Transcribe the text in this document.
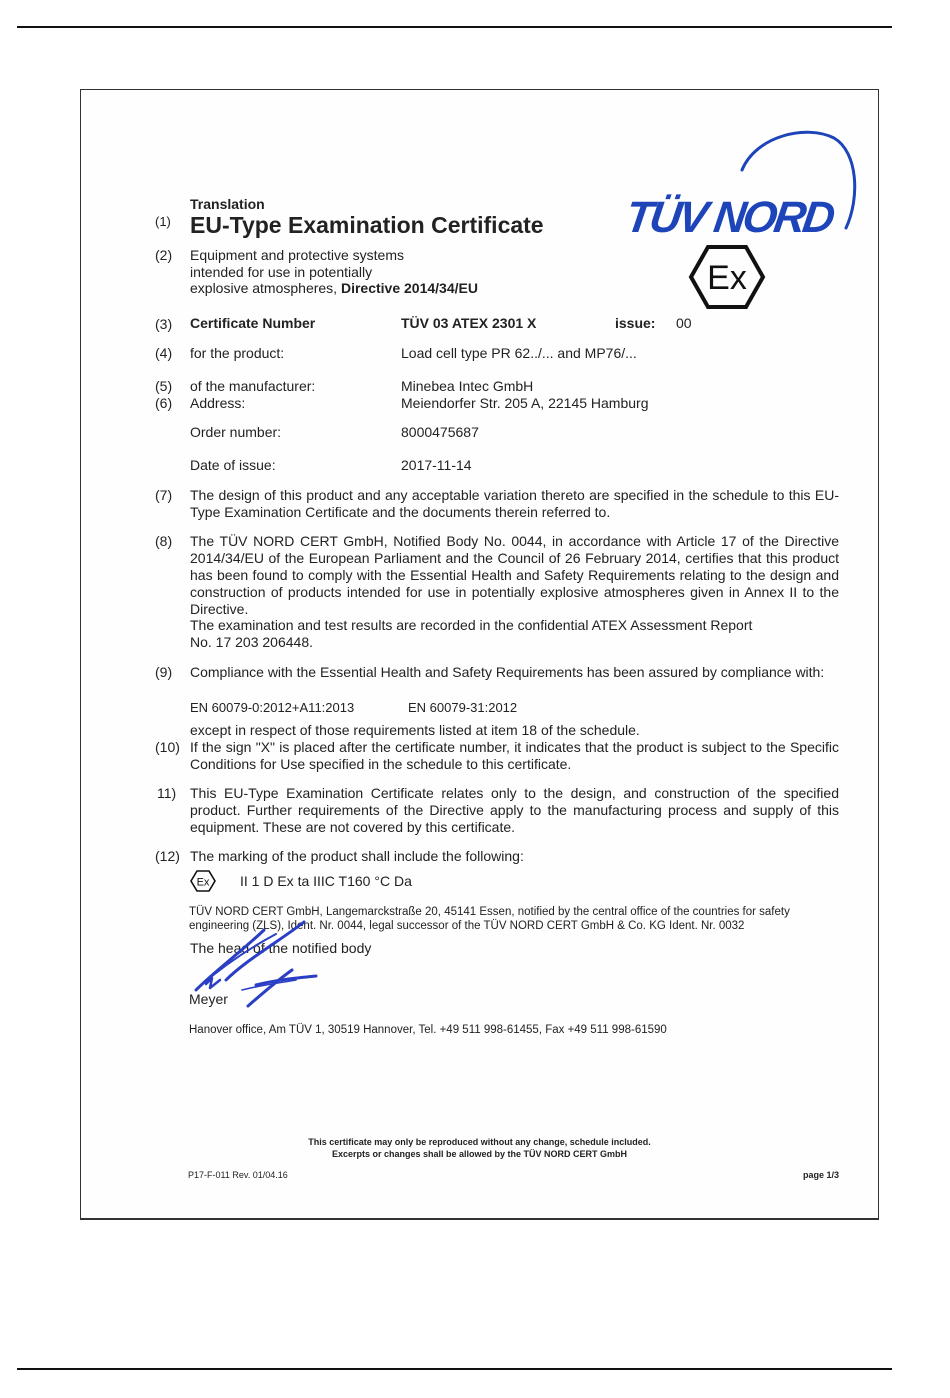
TÜV NORD
Ex
Translation
(1) EU-Type Examination Certificate
(2) Equipment and protective systems
intended for use in potentially
explosive atmospheres, Directive 2014/34/EU
(3) Certificate Number	TÜV 03 ATEX 2301 X	issue: 00
(4) for the product:	Load cell type PR 62../... and MP76/...
(5) of the manufacturer:	Minebea Intec GmbH
(6) Address:	Meiendorfer Str. 205 A, 22145 Hamburg
Order number:	8000475687
Date of issue:	2017-11-14
(7) The design of this product and any acceptable variation thereto are specified in the schedule to this EU-Type Examination Certificate and the documents therein referred to.
(8) The TÜV NORD CERT GmbH, Notified Body No. 0044, in accordance with Article 17 of the Directive 2014/34/EU of the European Parliament and the Council of 26 February 2014, certifies that this product has been found to comply with the Essential Health and Safety Requirements relating to the design and construction of products intended for use in potentially explosive atmospheres given in Annex II to the Directive.
The examination and test results are recorded in the confidential ATEX Assessment Report
No. 17 203 206448.
(9) Compliance with the Essential Health and Safety Requirements has been assured by compliance with:
EN 60079-0:2012+A11:2013	EN 60079-31:2012
except in respect of those requirements listed at item 18 of the schedule.
(10) If the sign "X" is placed after the certificate number, it indicates that the product is subject to the Specific Conditions for Use specified in the schedule to this certificate.
11) This EU-Type Examination Certificate relates only to the design, and construction of the specified product. Further requirements of the Directive apply to the manufacturing process and supply of this equipment. These are not covered by this certificate.
(12) The marking of the product shall include the following:
Ex II 1 D Ex ta IIIC T160 °C Da
TÜV NORD CERT GmbH, Langemarckstraße 20, 45141 Essen, notified by the central office of the countries for safety
engineering (ZLS), Ident. Nr. 0044, legal successor of the TÜV NORD CERT GmbH & Co. KG Ident. Nr. 0032
The head of the notified body
Meyer
Hanover office, Am TÜV 1, 30519 Hannover, Tel. +49 511 998-61455, Fax +49 511 998-61590
This certificate may only be reproduced without any change, schedule included.
Excerpts or changes shall be allowed by the TÜV NORD CERT GmbH
P17-F-011 Rev. 01/04.16	page 1/3
